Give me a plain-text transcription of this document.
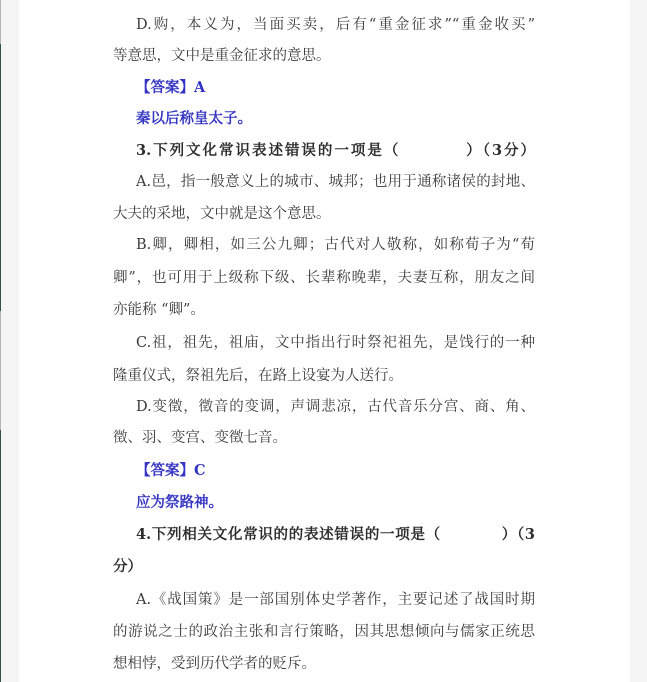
D.购，本义为，当面买卖，后有“重金征求”“重金收买”
等意思，文中是重金征求的意思。
【答案】A
秦以后称皇太子。
3.下列文化常识表述错误的一项是（　　　　）（3分）
A.邑，指一般意义上的城市、城邦；也用于通称诸侯的封地、
大夫的采地，文中就是这个意思。
B.卿，卿相，如三公九卿；古代对人敬称，如称荀子为“荀
卿”，也可用于上级称下级、长辈称晚辈，夫妻互称，朋友之间
亦能称 “卿”。
C.祖，祖先，祖庙，文中指出行时祭祀祖先，是饯行的一种
隆重仪式，祭祖先后，在路上设宴为人送行。
D.变徵，徵音的变调，声调悲凉，古代音乐分宫、商、角、
徵、羽、变宫、变徵七音。
【答案】C
应为祭路神。
4.下列相关文化常识的的表述错误的一项是（　　　　）（3
分）
A.《战国策》是一部国别体史学著作，主要记述了战国时期
的游说之士的政治主张和言行策略，因其思想倾向与儒家正统思
想相悖，受到历代学者的贬斥。
